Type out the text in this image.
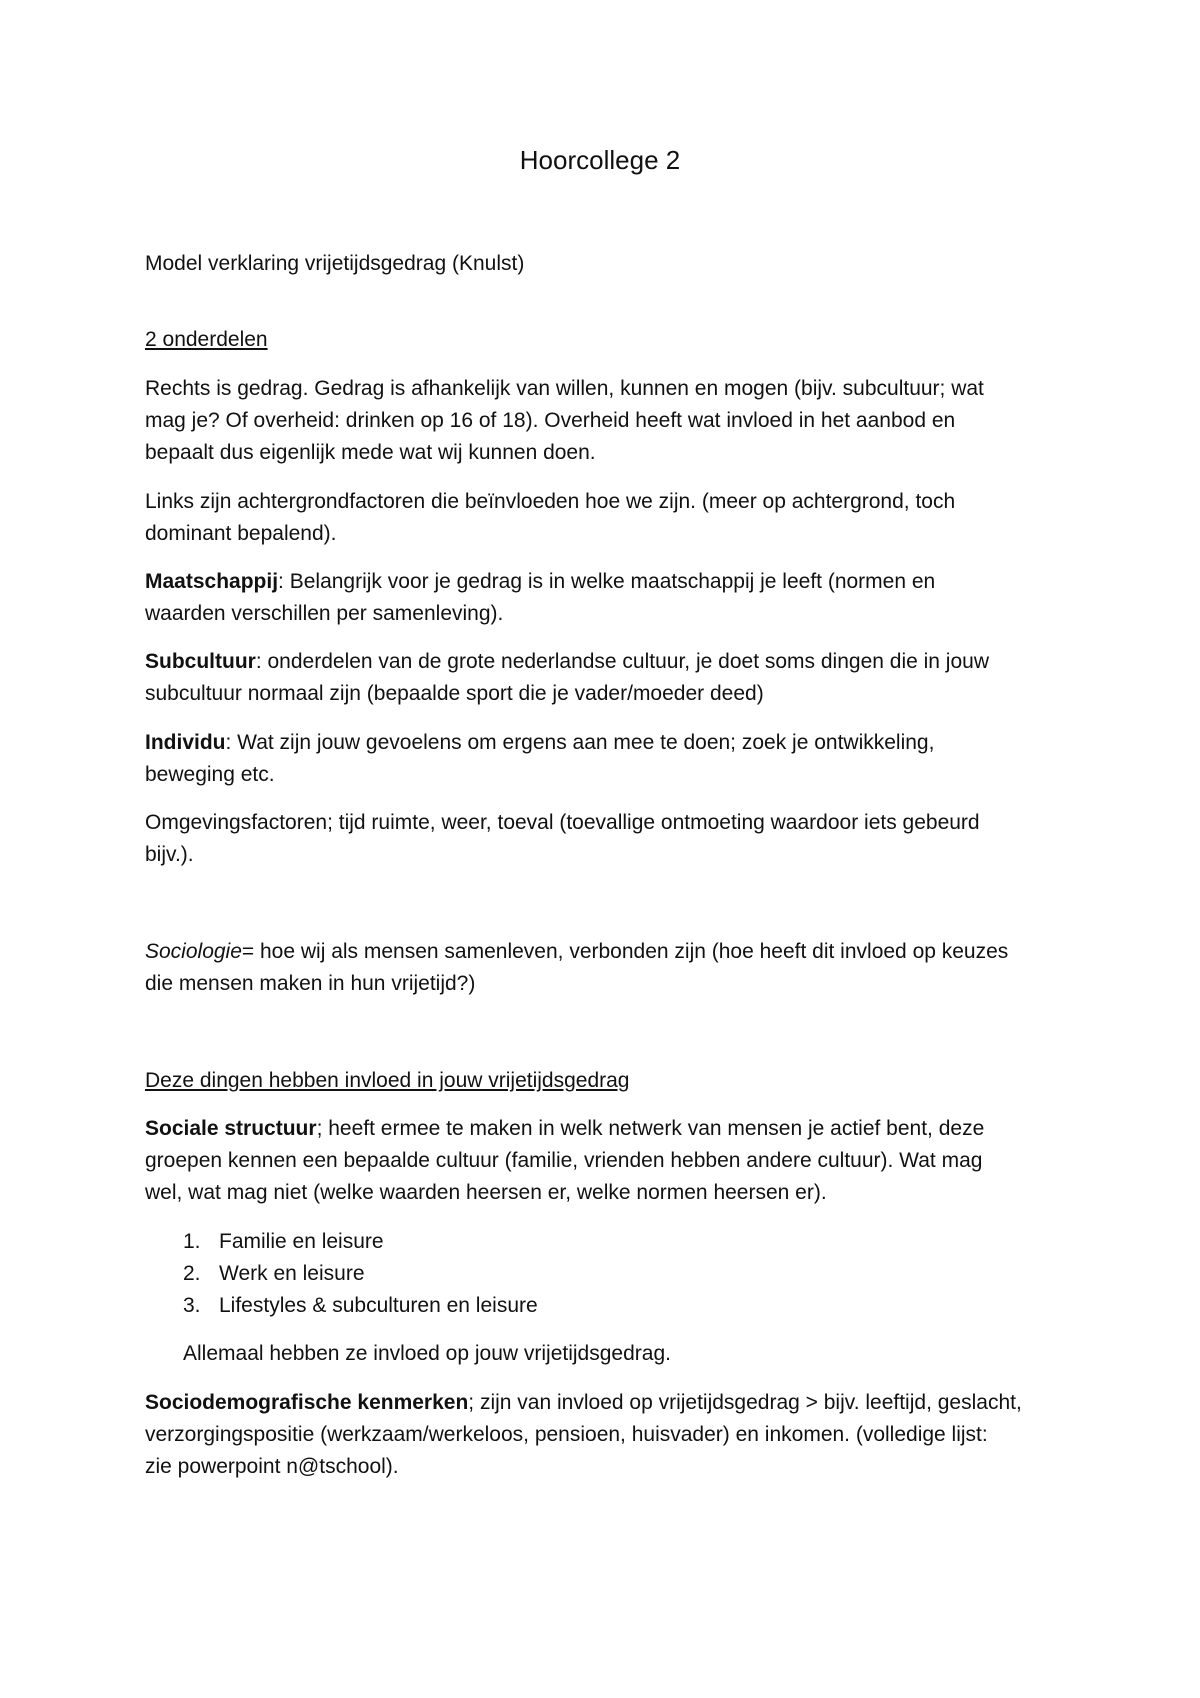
Hoorcollege 2

Model verklaring vrijetijdsgedrag (Knulst)

2 onderdelen

Rechts is gedrag. Gedrag is afhankelijk van willen, kunnen en mogen (bijv. subcultuur; wat

mag je? Of overheid: drinken op 16 of 18). Overheid heeft wat invloed in het aanbod en

bepaalt dus eigenlijk mede wat wij kunnen doen.

Links zijn achtergrondfactoren die beïnvloeden hoe we zijn. (meer op achtergrond, toch

dominant bepalend).

Maatschappij: Belangrijk voor je gedrag is in welke maatschappij je leeft (normen en

waarden verschillen per samenleving).

Subcultuur: onderdelen van de grote nederlandse cultuur, je doet soms dingen die in jouw

subcultuur normaal zijn (bepaalde sport die je vader/moeder deed)

Individu: Wat zijn jouw gevoelens om ergens aan mee te doen; zoek je ontwikkeling,

beweging etc.

Omgevingsfactoren; tijd ruimte, weer, toeval (toevallige ontmoeting waardoor iets gebeurd

bijv.).

Sociologie= hoe wij als mensen samenleven, verbonden zijn (hoe heeft dit invloed op keuzes

die mensen maken in hun vrijetijd?)

Deze dingen hebben invloed in jouw vrijetijdsgedrag

Sociale structuur; heeft ermee te maken in welk netwerk van mensen je actief bent, deze

groepen kennen een bepaalde cultuur (familie, vrienden hebben andere cultuur). Wat mag

wel, wat mag niet (welke waarden heersen er, welke normen heersen er).

1. Familie en leisure

2. Werk en leisure

3. Lifestyles & subculturen en leisure

Allemaal hebben ze invloed op jouw vrijetijdsgedrag.

Sociodemografische kenmerken; zijn van invloed op vrijetijdsgedrag > bijv. leeftijd, geslacht,

verzorgingspositie (werkzaam/werkeloos, pensioen, huisvader) en inkomen. (volledige lijst:

zie powerpoint n@tschool).
